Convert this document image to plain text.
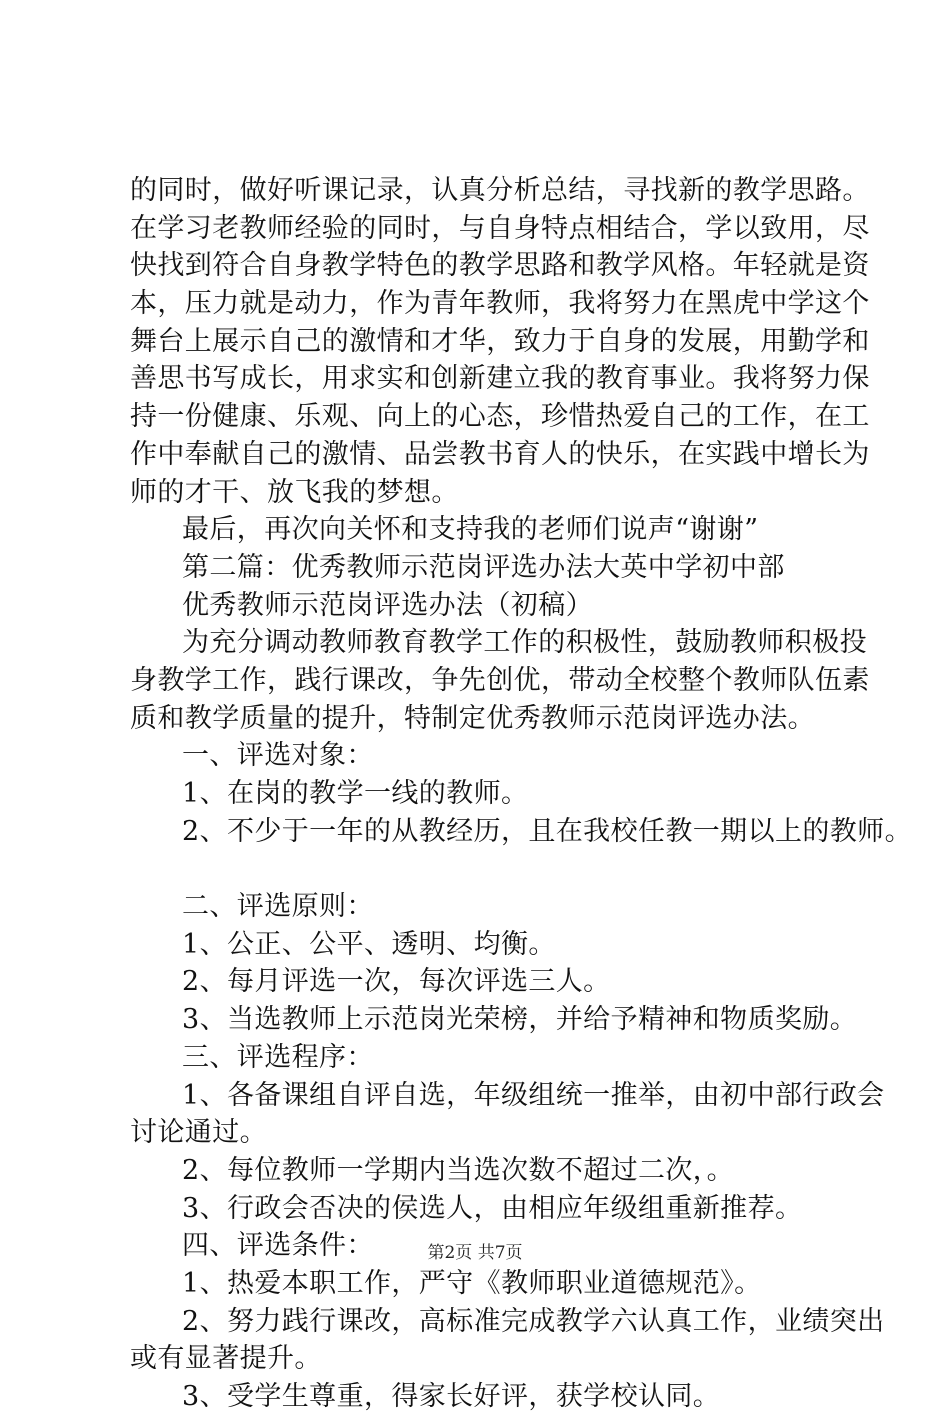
的同时，做好听课记录，认真分析总结，寻找新的教学思路。
在学习老教师经验的同时，与自身特点相结合，学以致用，尽
快找到符合自身教学特色的教学思路和教学风格。年轻就是资
本，压力就是动力，作为青年教师，我将努力在黑虎中学这个
舞台上展示自己的激情和才华，致力于自身的发展，用勤学和
善思书写成长，用求实和创新建立我的教育事业。我将努力保
持一份健康、乐观、向上的心态，珍惜热爱自己的工作，在工
作中奉献自己的激情、品尝教书育人的快乐，在实践中增长为
师的才干、放飞我的梦想。
最后，再次向关怀和支持我的老师们说声“谢谢”
第二篇：优秀教师示范岗评选办法大英中学初中部
优秀教师示范岗评选办法（初稿）
为充分调动教师教育教学工作的积极性，鼓励教师积极投
身教学工作，践行课改，争先创优，带动全校整个教师队伍素
质和教学质量的提升，特制定优秀教师示范岗评选办法。
一、评选对象：
1、在岗的教学一线的教师。
2、不少于一年的从教经历，且在我校任教一期以上的教师。
二、评选原则：
1、公正、公平、透明、均衡。
2、每月评选一次，每次评选三人。
3、当选教师上示范岗光荣榜，并给予精神和物质奖励。
三、评选程序：
1、各备课组自评自选，年级组统一推举，由初中部行政会
讨论通过。
2、每位教师一学期内当选次数不超过二次，。
3、行政会否决的侯选人，由相应年级组重新推荐。
四、评选条件：
1、热爱本职工作，严守《教师职业道德规范》。
2、努力践行课改，高标准完成教学六认真工作，业绩突出
或有显著提升。
3、受学生尊重，得家长好评，获学校认同。
第2页 共7页
